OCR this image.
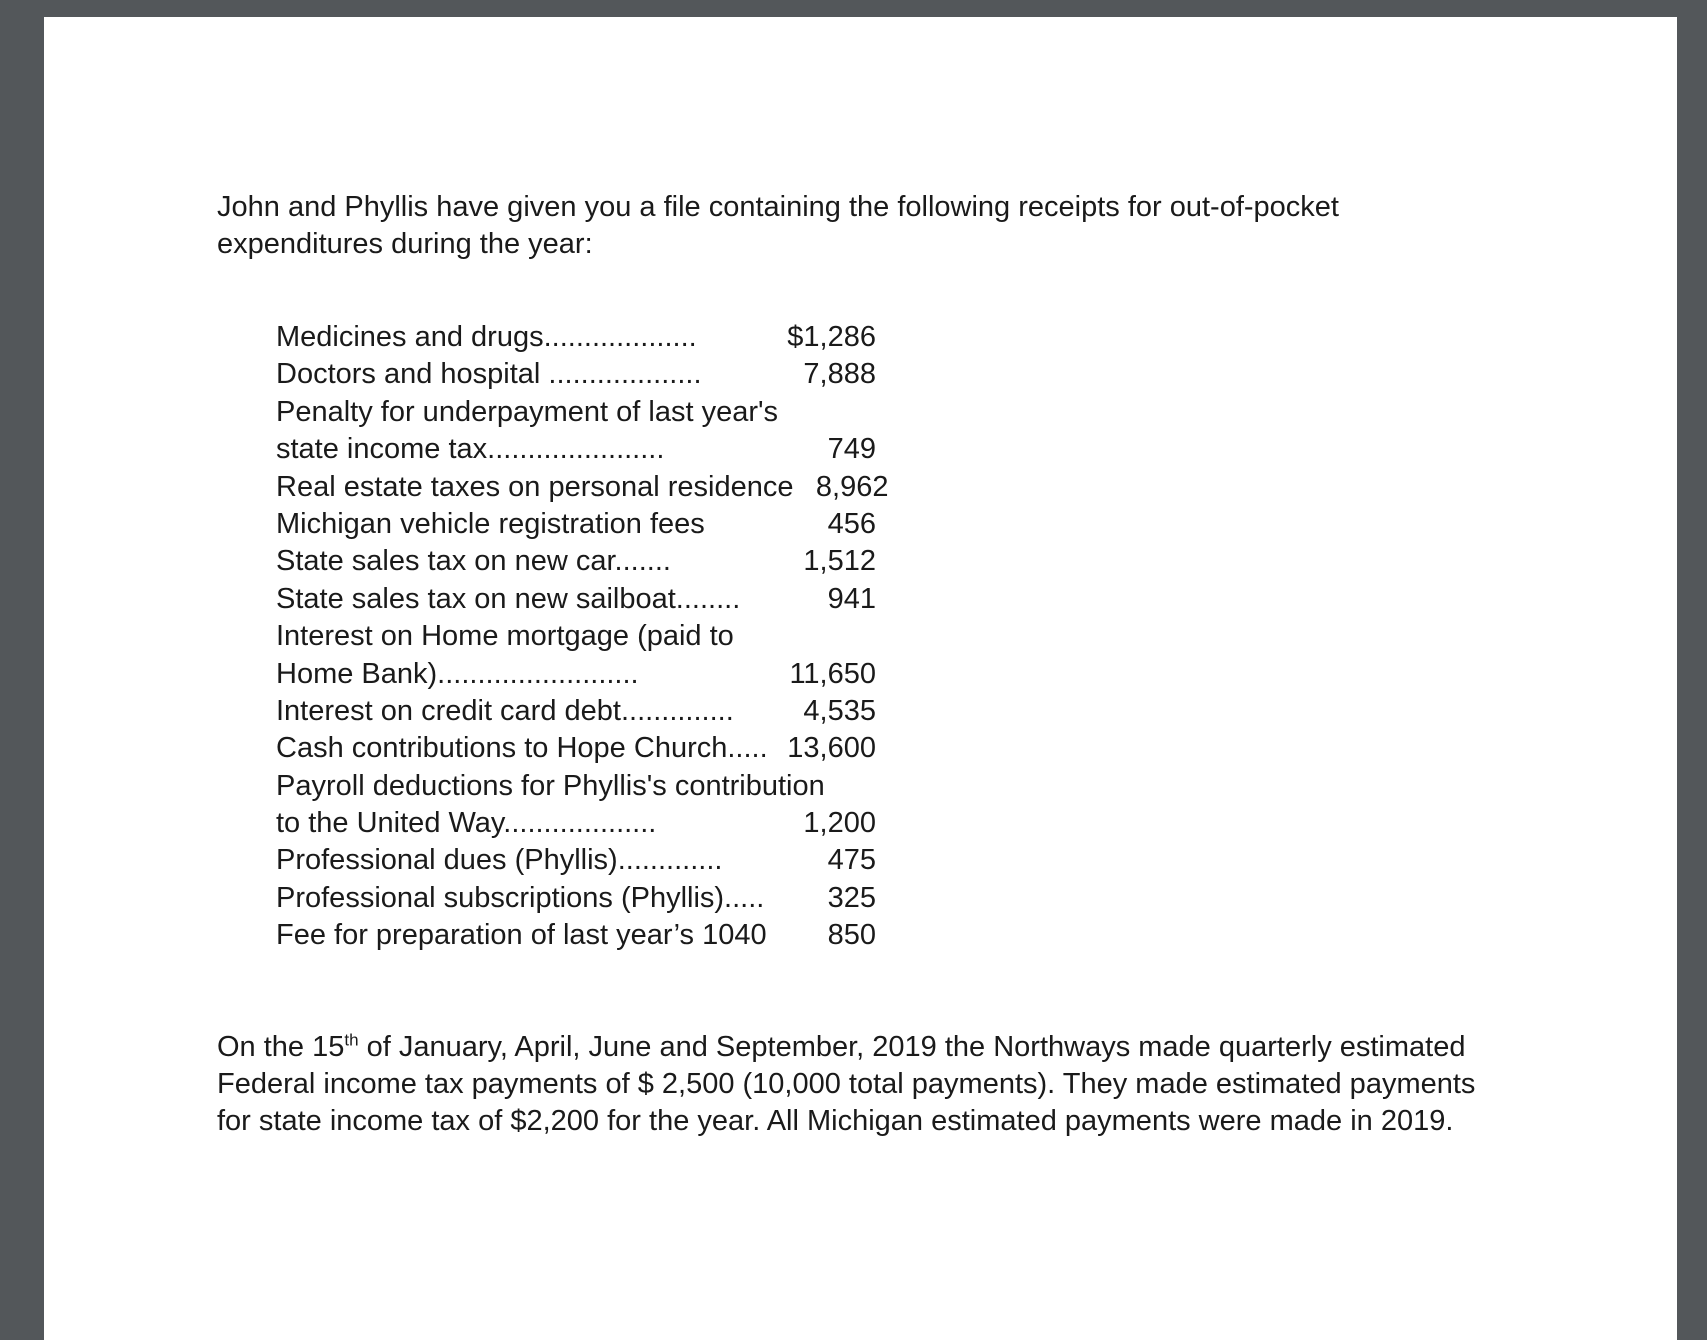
John and Phyllis have given you a file containing the following receipts for out-of-pocket expenditures during the year:

Medicines and drugs...................	$1,286
Doctors and hospital ...................	7,888
Penalty for underpayment of last year's
state income tax......................	749
Real estate taxes on personal residence 8,962
Michigan vehicle registration fees	456
State sales tax on new car.......	1,512
State sales tax on new sailboat........	941
Interest on Home mortgage (paid to
Home Bank).........................	11,650
Interest on credit card debt..............	4,535
Cash contributions to Hope Church..... 13,600
Payroll deductions for Phyllis's contribution
to the United Way...................	1,200
Professional dues (Phyllis).............	475
Professional subscriptions (Phyllis).....	325
Fee for preparation of last year’s 1040	850

On the 15th of January, April, June and September, 2019 the Northways made quarterly estimated Federal income tax payments of $ 2,500 (10,000 total payments). They made estimated payments for state income tax of $2,200 for the year. All Michigan estimated payments were made in 2019.
